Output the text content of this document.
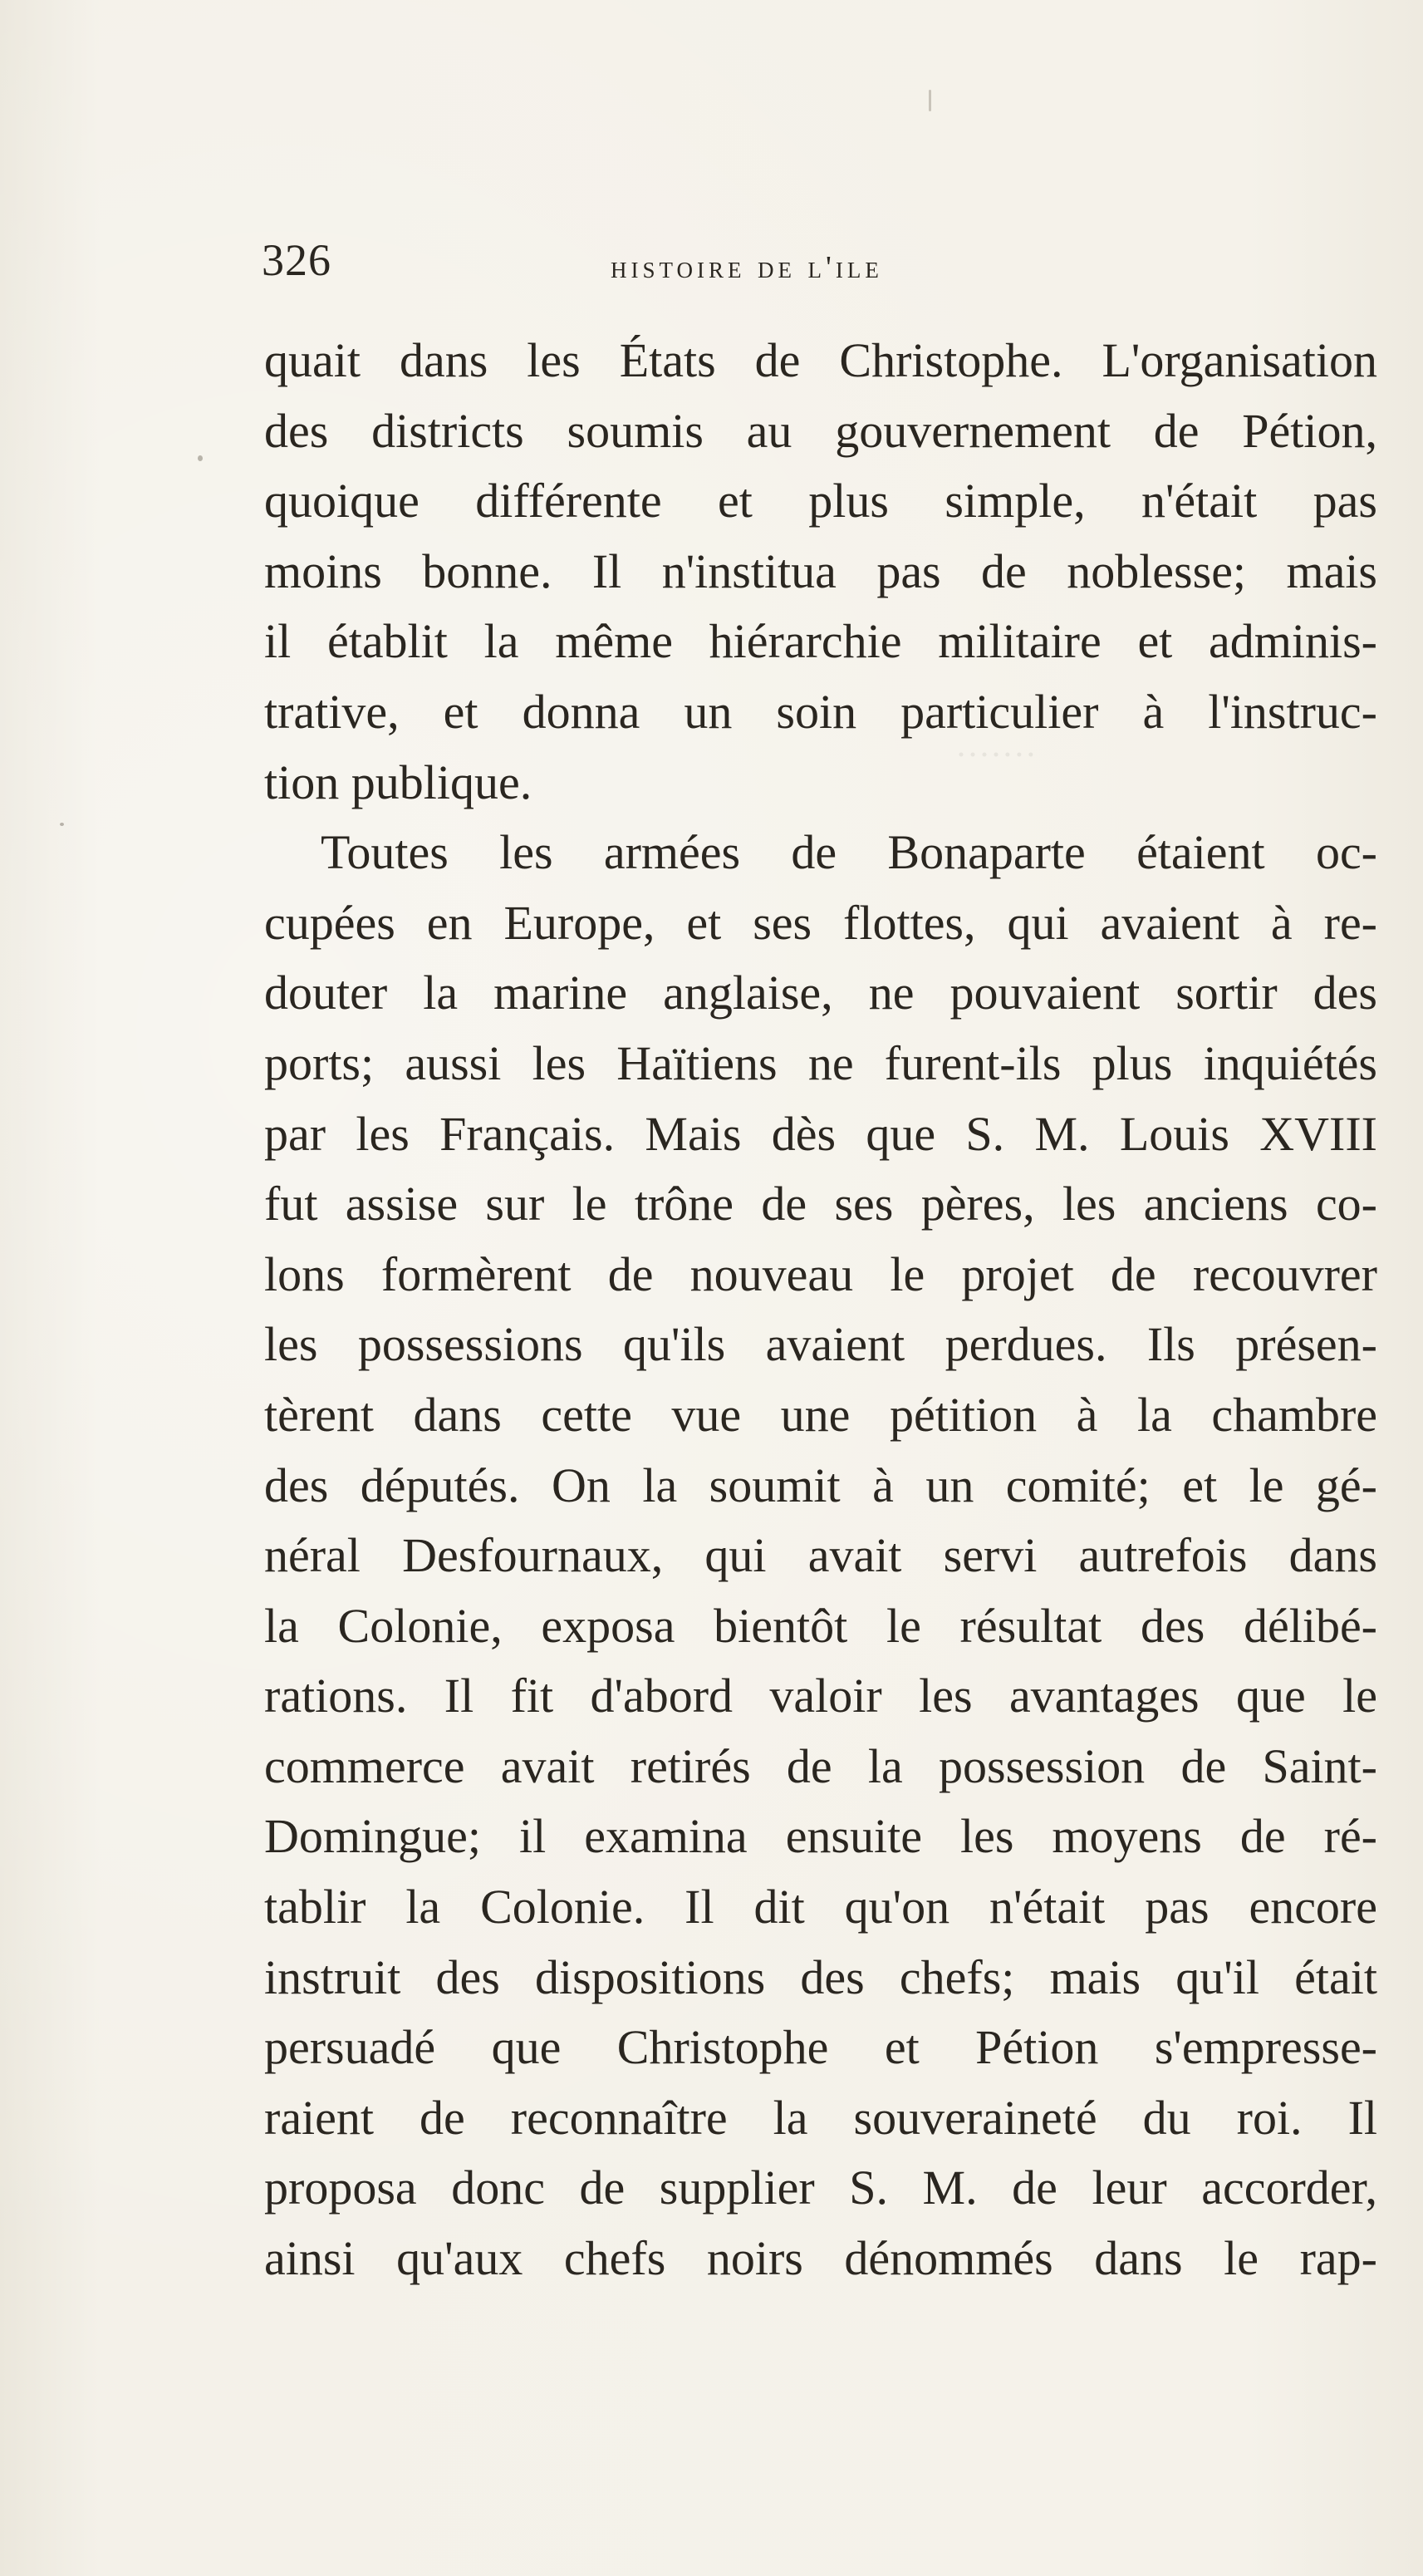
·······
326	histoire de l'ile
quait dans les États de Christophe. L'organisation
des districts soumis au gouvernement de Pétion,
quoique différente et plus simple, n'était pas
moins bonne. Il n'institua pas de noblesse; mais
il établit la même hiérarchie militaire et adminis-
trative, et donna un soin particulier à l'instruc-
tion publique.
Toutes les armées de Bonaparte étaient oc-
cupées en Europe, et ses flottes, qui avaient à re-
douter la marine anglaise, ne pouvaient sortir des
ports; aussi les Haïtiens ne furent-ils plus inquiétés
par les Français. Mais dès que S. M. Louis XVIII
fut assise sur le trône de ses pères, les anciens co-
lons formèrent de nouveau le projet de recouvrer
les possessions qu'ils avaient perdues. Ils présen-
tèrent dans cette vue une pétition à la chambre
des députés. On la soumit à un comité; et le gé-
néral Desfournaux, qui avait servi autrefois dans
la Colonie, exposa bientôt le résultat des délibé-
rations. Il fit d'abord valoir les avantages que le
commerce avait retirés de la possession de Saint-
Domingue; il examina ensuite les moyens de ré-
tablir la Colonie. Il dit qu'on n'était pas encore
instruit des dispositions des chefs; mais qu'il était
persuadé que Christophe et Pétion s'empresse-
raient de reconnaître la souveraineté du roi. Il
proposa donc de supplier S. M. de leur accorder,
ainsi qu'aux chefs noirs dénommés dans le rap-
